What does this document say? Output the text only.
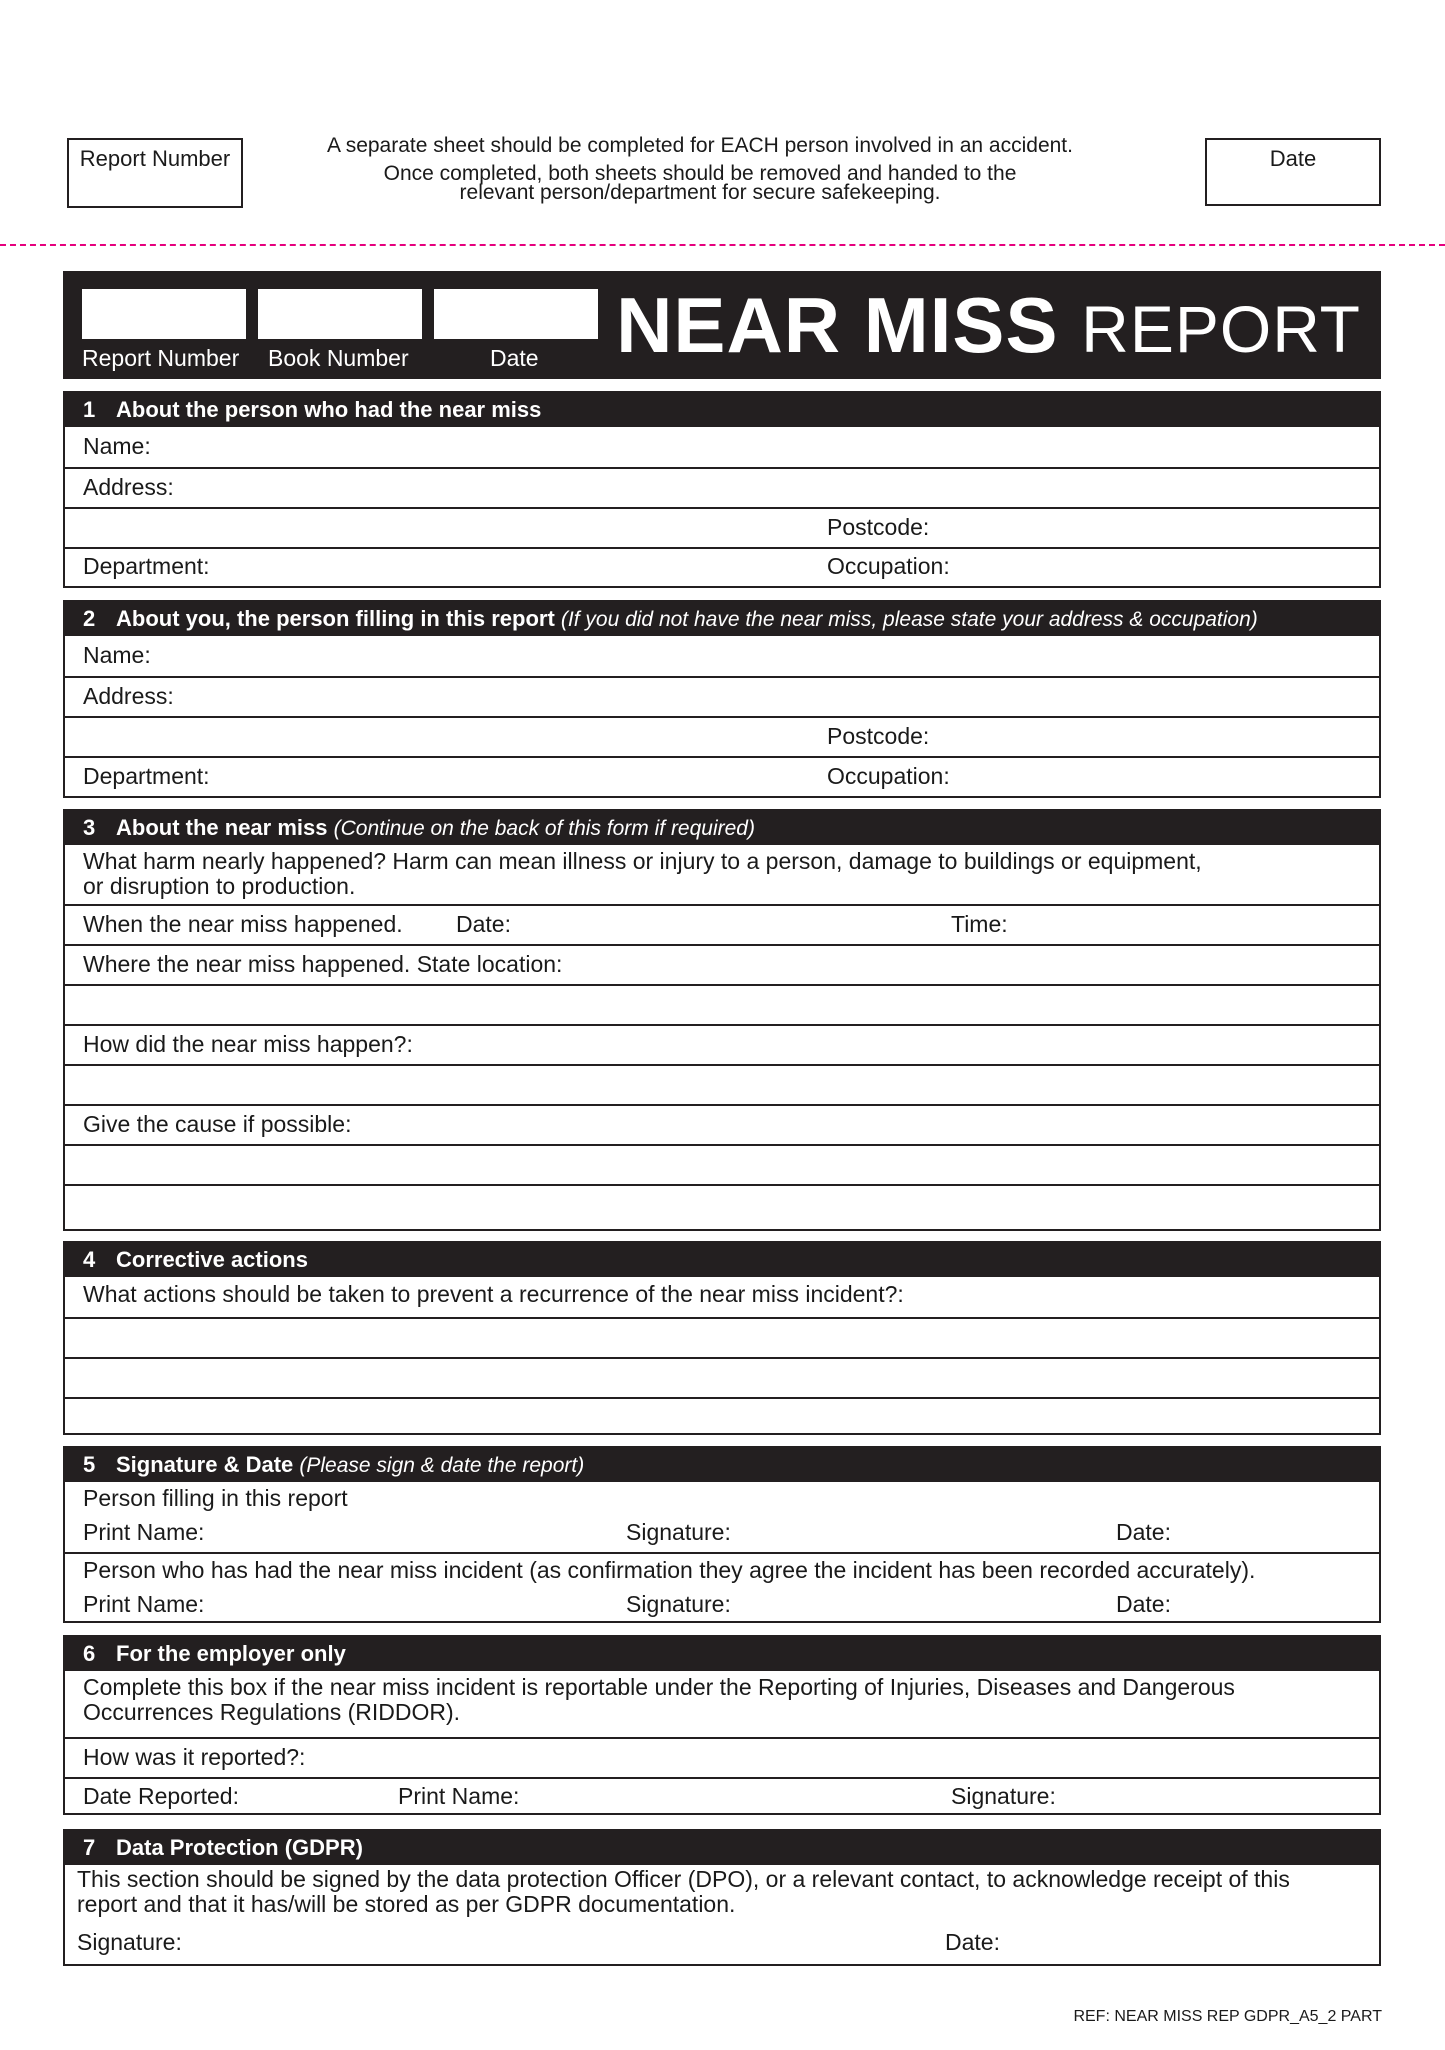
Report Number
A separate sheet should be completed for EACH person involved in an accident.
Once completed, both sheets should be removed and handed to the
relevant person/department for secure safekeeping.
Date
Report Number Book Number	Date NEAR MISS REPORT
1 About the person who had the near miss
Name:
Address:
Postcode:
Department:	Occupation:
2 About you, the person filling in this report (If you did not have the near miss, please state your address & occupation)
Name:
Address:
Postcode:
Department:	Occupation:
3 About the near miss (Continue on the back of this form if required)
What harm nearly happened? Harm can mean illness or injury to a person, damage to buildings or equipment,
or disruption to production.
When the near miss happened. Date:	Time:
Where the near miss happened. State location:
How did the near miss happen?:
Give the cause if possible:
4 Corrective actions
What actions should be taken to prevent a recurrence of the near miss incident?:
5 Signature & Date (Please sign & date the report)
Person filling in this report
Print Name:	Signature:	Date:
Person who has had the near miss incident (as confirmation they agree the incident has been recorded accurately).
Print Name:	Signature:	Date:
6 For the employer only
Complete this box if the near miss incident is reportable under the Reporting of Injuries, Diseases and Dangerous
Occurrences Regulations (RIDDOR).
How was it reported?:
Date Reported:	Print Name:	Signature:
7 Data Protection (GDPR)
This section should be signed by the data protection Officer (DPO), or a relevant contact, to acknowledge receipt of this
report and that it has/will be stored as per GDPR documentation.
Signature:	Date:
REF: NEAR MISS REP GDPR_A5_2 PART
